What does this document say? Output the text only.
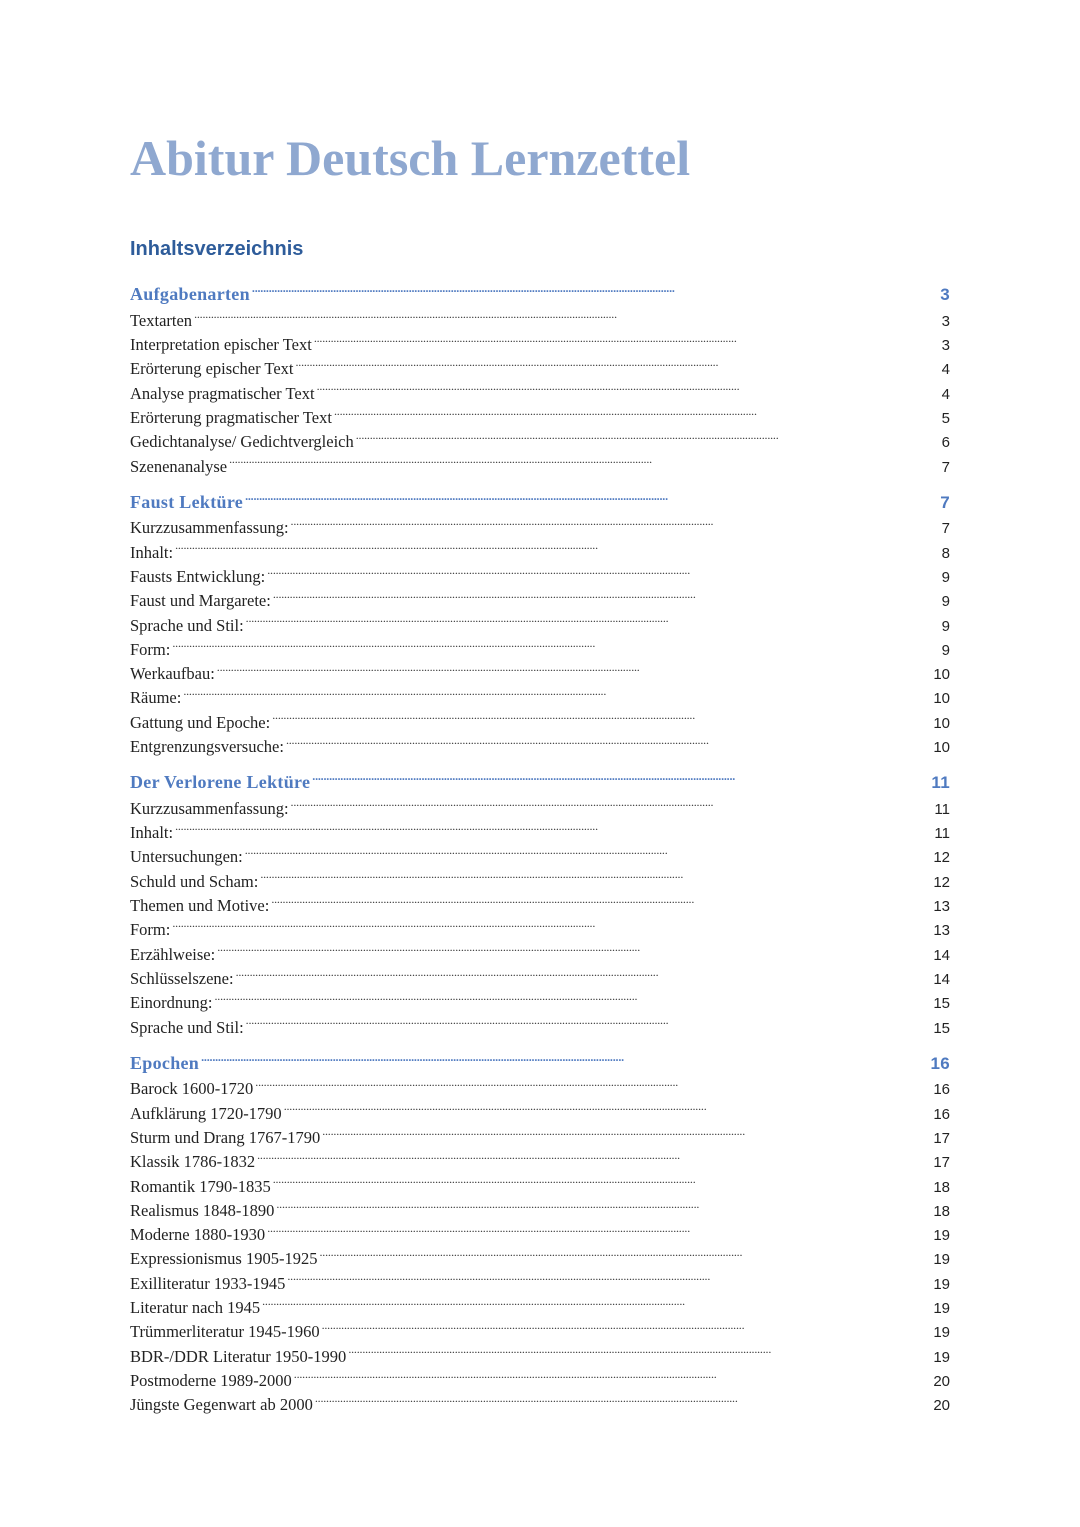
Abitur Deutsch Lernzettel
Inhaltsverzeichnis
Aufgabenarten . . .	3
Textarten . . .	3
Interpretation epischer Text . . .	3
Erörterung epischer Text . . .	4
Analyse pragmatischer Text . . .	4
Erörterung pragmatischer Text . . .	5
Gedichtanalyse/ Gedichtvergleich . . .	6
Szenenanalyse . . .	7
Faust Lektüre . . .	7
Kurzzusammenfassung: . . .	7
Inhalt: . . .	8
Fausts Entwicklung: . . .	9
Faust und Margarete: . . .	9
Sprache und Stil: . . .	9
Form: . . .	9
Werkaufbau: . . .	10
Räume: . . .	10
Gattung und Epoche: . . .	10
Entgrenzungsversuche: . . .	10
Der Verlorene Lektüre . . .	11
Kurzzusammenfassung: . . .	11
Inhalt: . . .	11
Untersuchungen: . . .	12
Schuld und Scham: . . .	12
Themen und Motive: . . .	13
Form: . . .	13
Erzählweise: . . .	14
Schlüsselszene: . . .	14
Einordnung: . . .	15
Sprache und Stil: . . .	15
Epochen . . .	16
Barock 1600-1720 . . .	16
Aufklärung 1720-1790 . . .	16
Sturm und Drang 1767-1790 . . .	17
Klassik 1786-1832 . . .	17
Romantik 1790-1835 . . .	18
Realismus 1848-1890 . . .	18
Moderne 1880-1930 . . .	19
Expressionismus 1905-1925 . . .	19
Exilliteratur 1933-1945 . . .	19
Literatur nach 1945 . . .	19
Trümmerliteratur 1945-1960 . . .	19
BDR-/DDR Literatur 1950-1990 . . .	19
Postmoderne 1989-2000 . . .	20
Jüngste Gegenwart ab 2000 . . .	20
